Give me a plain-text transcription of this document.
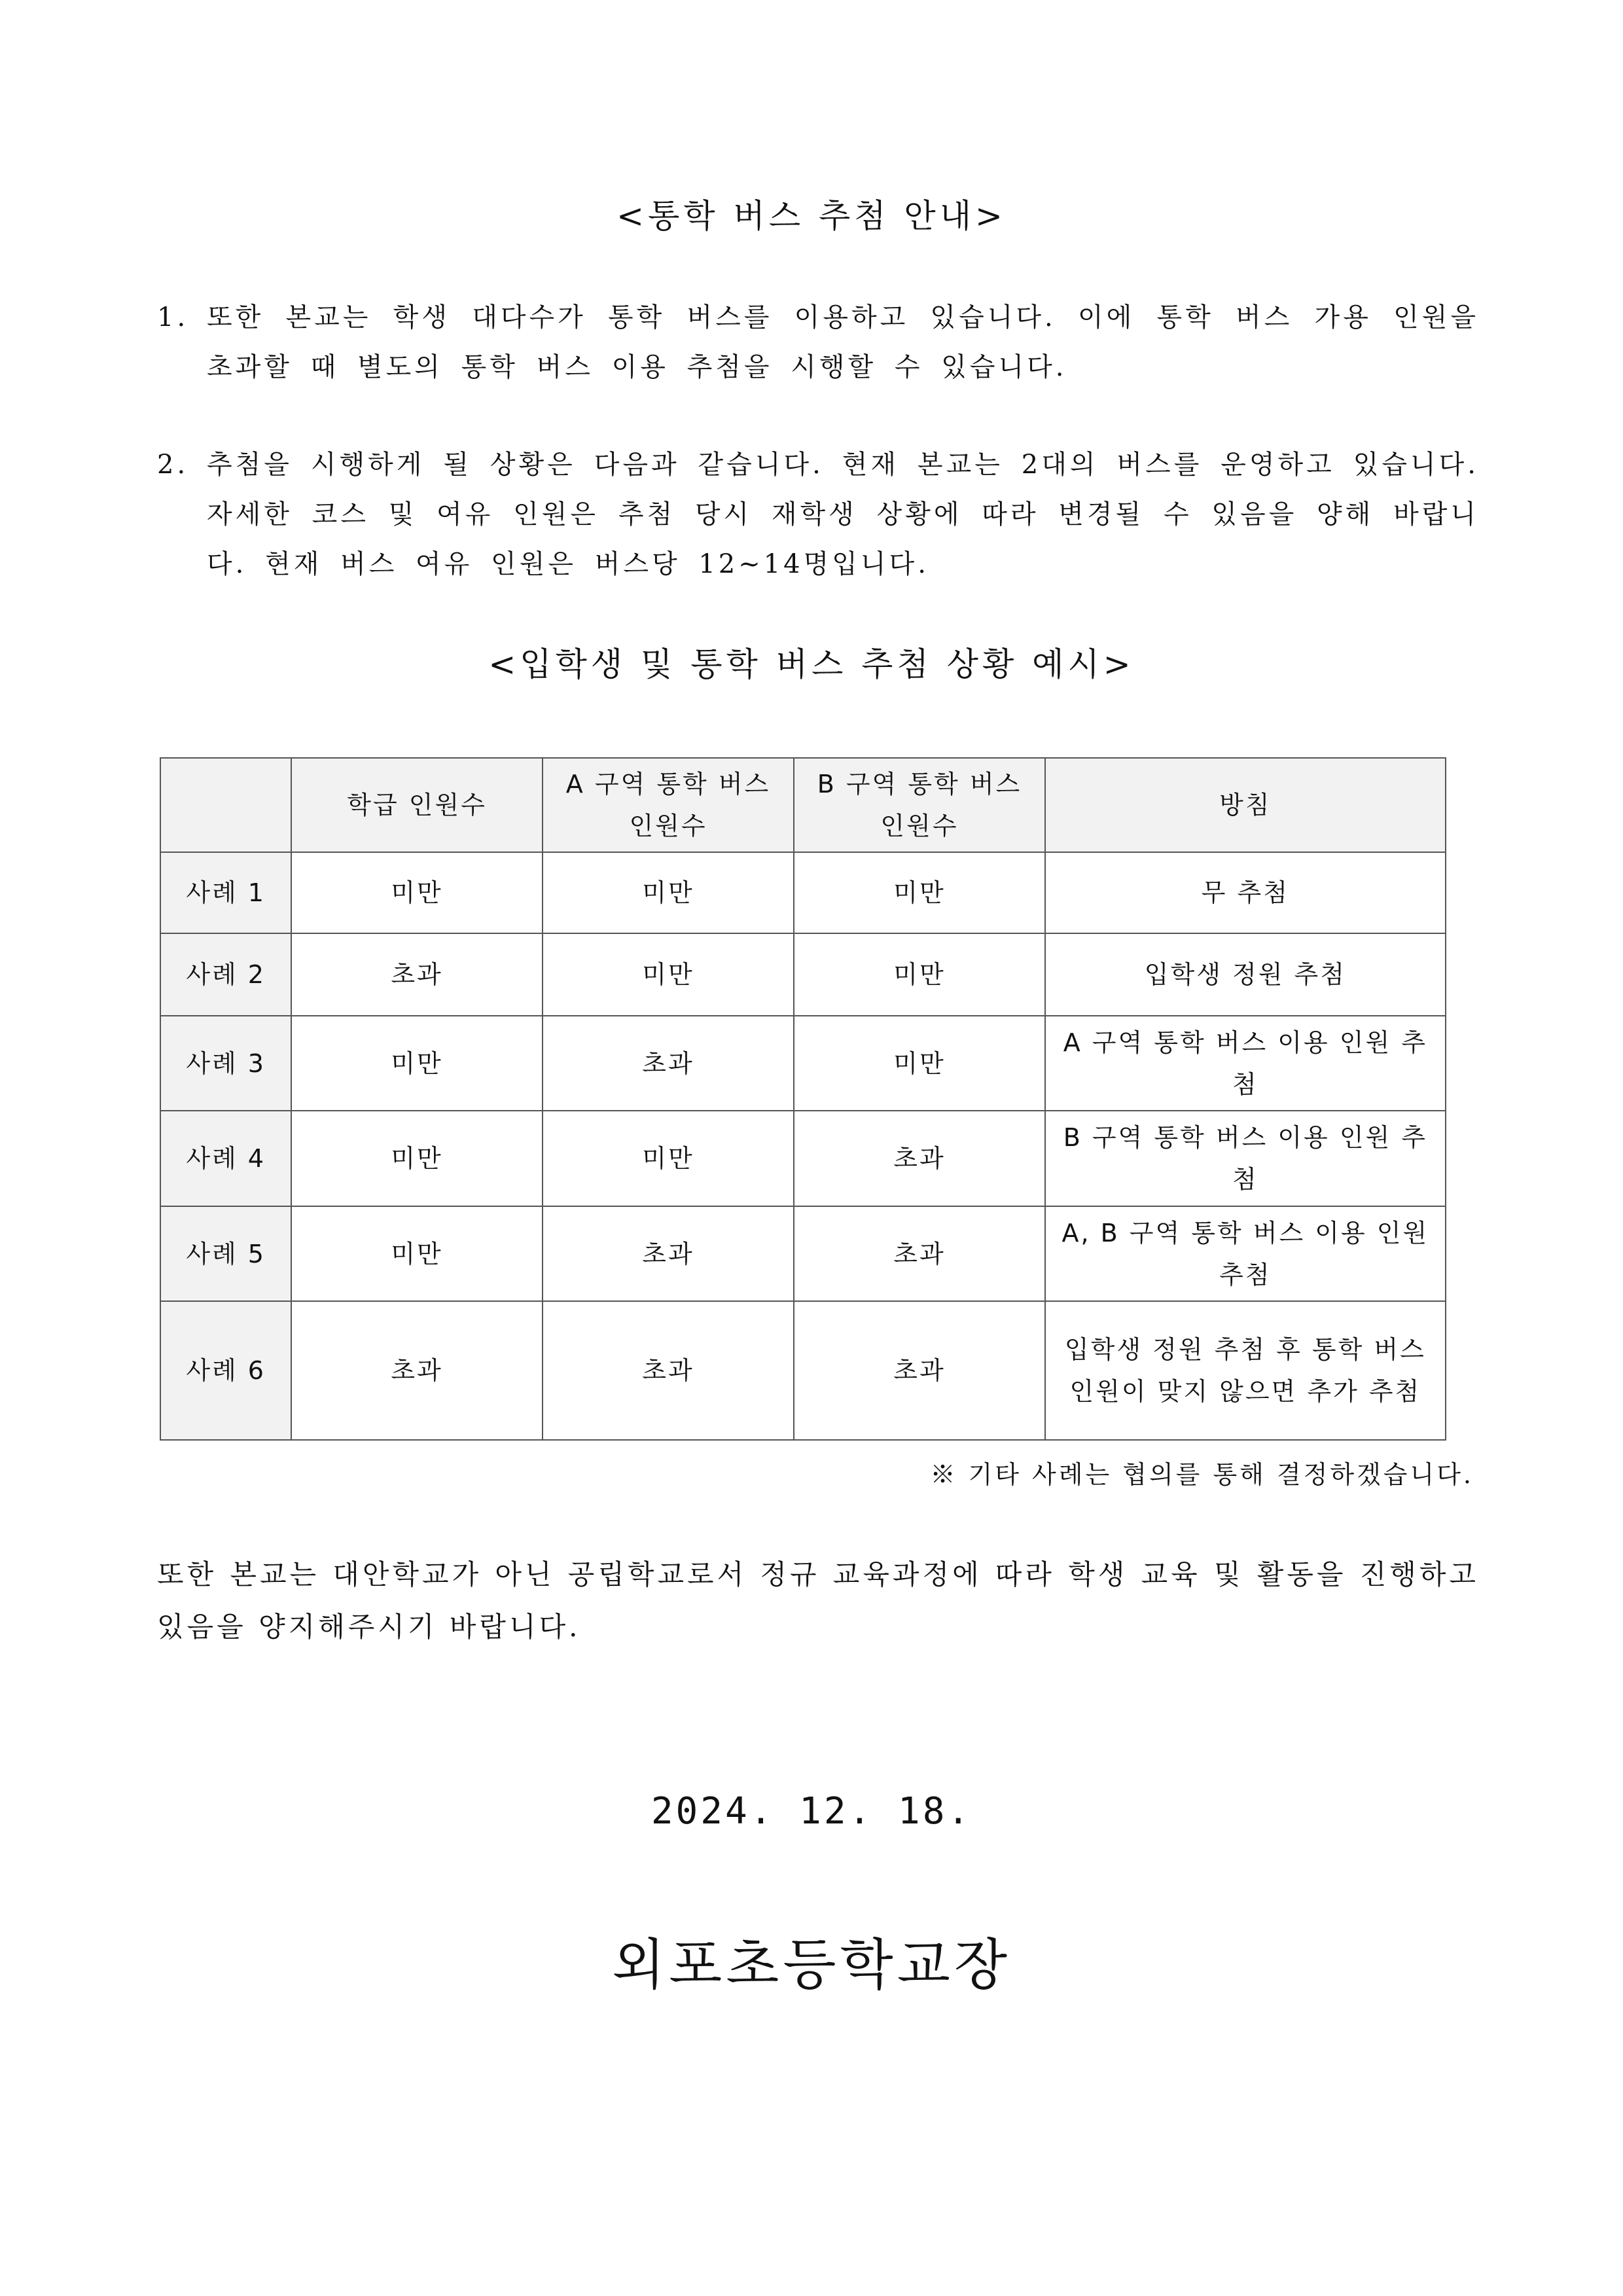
<통학 버스 추첨 안내>
1. 또한 본교는 학생 대다수가 통학 버스를 이용하고 있습니다. 이에 통학 버스 가용 인원을 초과할 때 별도의 통학 버스 이용 추첨을 시행할 수 있습니다.
2. 추첨을 시행하게 될 상황은 다음과 같습니다. 현재 본교는 2대의 버스를 운영하고 있습니다. 자세한 코스 및 여유 인원은 추첨 당시 재학생 상황에 따라 변경될 수 있음을 양해 바랍니다. 현재 버스 여유 인원은 버스당 12~14명입니다.
<입학생 및 통학 버스 추첨 상황 예시>
	학급 인원수	A 구역 통학 버스 인원수	B 구역 통학 버스 인원수	방침
사례 1	미만	미만	미만	무 추첨
사례 2	초과	미만	미만	입학생 정원 추첨
사례 3	미만	초과	미만	A 구역 통학 버스 이용 인원 추첨
사례 4	미만	미만	초과	B 구역 통학 버스 이용 인원 추첨
사례 5	미만	초과	초과	A, B 구역 통학 버스 이용 인원 추첨
사례 6	초과	초과	초과	입학생 정원 추첨 후 통학 버스 인원이 맞지 않으면 추가 추첨
※ 기타 사례는 협의를 통해 결정하겠습니다.
또한 본교는 대안학교가 아닌 공립학교로서 정규 교육과정에 따라 학생 교육 및 활동을 진행하고 있음을 양지해주시기 바랍니다.
2024. 12. 18.
외포초등학교장
